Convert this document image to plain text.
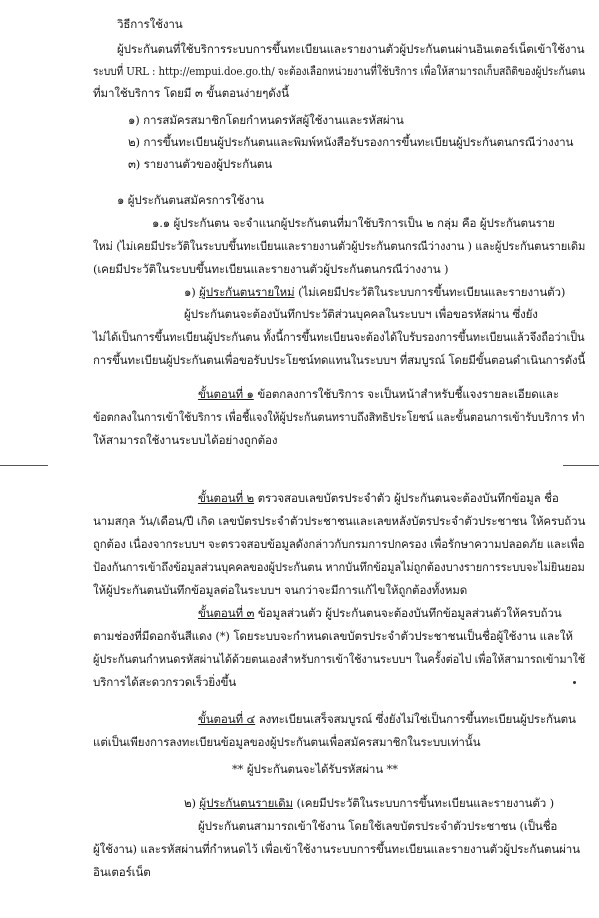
วิธีการใช้งาน
ผู้ประกันตนที่ใช้บริการระบบการขึ้นทะเบียนและรายงานตัวผู้ประกันตนผ่านอินเตอร์เน็ตเข้าใช้งาน
ระบบที่ URL : http://empui.doe.go.th/ จะต้องเลือกหน่วยงานที่ใช้บริการ เพื่อให้สามารถเก็บสถิติของผู้ประกันตน
ที่มาใช้บริการ โดยมี ๓ ขั้นตอนง่ายๆดังนี้
๑) การสมัครสมาชิกโดยกำหนดรหัสผู้ใช้งานและรหัสผ่าน
๒) การขึ้นทะเบียนผู้ประกันตนและพิมพ์หนังสือรับรองการขึ้นทะเบียนผู้ประกันตนกรณีว่างงาน
๓) รายงานตัวของผู้ประกันตน
๑ ผู้ประกันตนสมัครการใช้งาน
๑.๑ ผู้ประกันตน จะจำแนกผู้ประกันตนที่มาใช้บริการเป็น ๒ กลุ่ม คือ ผู้ประกันตนราย
ใหม่ (ไม่เคยมีประวัติในระบบขึ้นทะเบียนและรายงานตัวผู้ประกันตนกรณีว่างงาน ) และผู้ประกันตนรายเดิม
(เคยมีประวัติในระบบขึ้นทะเบียนและรายงานตัวผู้ประกันตนกรณีว่างงาน )
๑) ผู้ประกันตนรายใหม่ (ไม่เคยมีประวัติในระบบการขึ้นทะเบียนและรายงานตัว)
ผู้ประกันตนจะต้องบันทึกประวัติส่วนบุคคลในระบบฯ เพื่อขอรหัสผ่าน ซึ่งยัง
ไม่ได้เป็นการขึ้นทะเบียนผู้ประกันตน ทั้งนี้การขึ้นทะเบียนจะต้องได้ใบรับรองการขึ้นทะเบียนแล้วจึงถือว่าเป็น
การขึ้นทะเบียนผู้ประกันตนเพื่อขอรับประโยชน์ทดแทนในระบบฯ ที่สมบูรณ์ โดยมีขั้นตอนดำเนินการดังนี้
ขั้นตอนที่ ๑ ข้อตกลงการใช้บริการ จะเป็นหน้าสำหรับชี้แจงรายละเอียดและ
ข้อตกลงในการเข้าใช้บริการ เพื่อชี้แจงให้ผู้ประกันตนทราบถึงสิทธิประโยชน์ และขั้นตอนการเข้ารับบริการ ทำ
ให้สามารถใช้งานระบบได้อย่างถูกต้อง
ขั้นตอนที่ ๒ ตรวจสอบเลขบัตรประจำตัว ผู้ประกันตนจะต้องบันทึกข้อมูล ชื่อ
นามสกุล วัน/เดือน/ปี เกิด เลขบัตรประจำตัวประชาชนและเลขหลังบัตรประจำตัวประชาชน ให้ครบถ้วน
ถูกต้อง เนื่องจากระบบฯ จะตรวจสอบข้อมูลดังกล่าวกับกรมการปกครอง เพื่อรักษาความปลอดภัย และเพื่อ
ป้องกันการเข้าถึงข้อมูลส่วนบุคคลของผู้ประกันตน หากบันทึกข้อมูลไม่ถูกต้องบางรายการระบบจะไม่ยินยอม
ให้ผู้ประกันตนบันทึกข้อมูลต่อในระบบฯ จนกว่าจะมีการแก้ไขให้ถูกต้องทั้งหมด
ขั้นตอนที่ ๓ ข้อมูลส่วนตัว ผู้ประกันตนจะต้องบันทึกข้อมูลส่วนตัวให้ครบถ้วน
ตามช่องที่มีดอกจันสีแดง (*) โดยระบบจะกำหนดเลขบัตรประจำตัวประชาชนเป็นชื่อผู้ใช้งาน และให้
ผู้ประกันตนกำหนดรหัสผ่านได้ด้วยตนเองสำหรับการเข้าใช้งานระบบฯ ในครั้งต่อไป เพื่อให้สามารถเข้ามาใช้
บริการได้สะดวกรวดเร็วยิ่งขึ้น
ขั้นตอนที่ ๔ ลงทะเบียนเสร็จสมบูรณ์ ซึ่งยังไม่ใช่เป็นการขึ้นทะเบียนผู้ประกันตน
แต่เป็นเพียงการลงทะเบียนข้อมูลของผู้ประกันตนเพื่อสมัครสมาชิกในระบบเท่านั้น
** ผู้ประกันตนจะได้รับรหัสผ่าน **
๒) ผู้ประกันตนรายเดิม (เคยมีประวัติในระบบการขึ้นทะเบียนและรายงานตัว )
ผู้ประกันตนสามารถเข้าใช้งาน โดยใช้เลขบัตรประจำตัวประชาชน (เป็นชื่อ
ผู้ใช้งาน) และรหัสผ่านที่กำหนดไว้ เพื่อเข้าใช้งานระบบการขึ้นทะเบียนและรายงานตัวผู้ประกันตนผ่าน
อินเตอร์เน็ต
